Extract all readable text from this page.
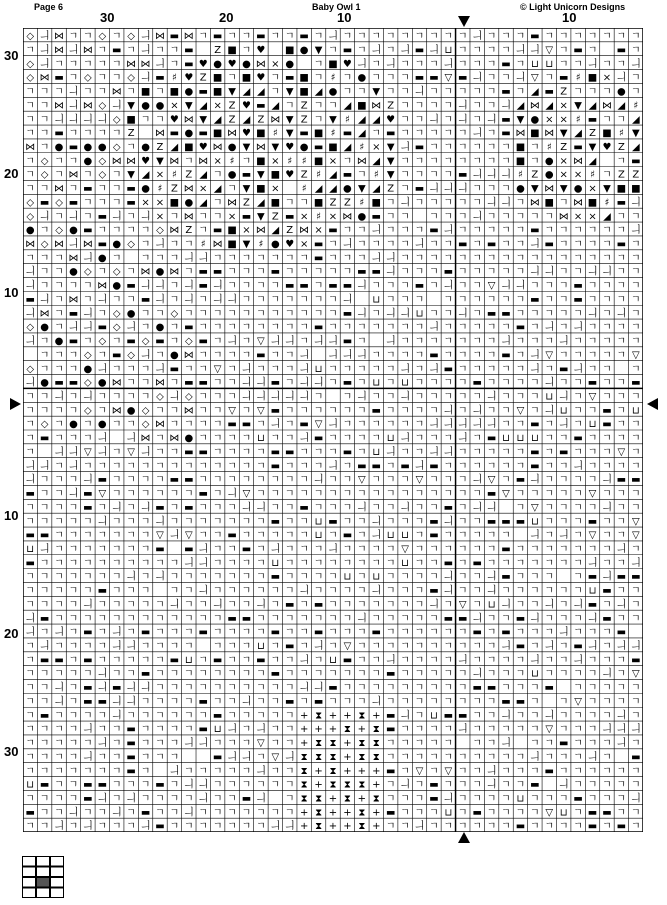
Page 6	Baby Owl 1	© Light Unicorn Designs
30	20	10	10
30
20
10
10
20
30
◇ ㅢ ⋈ ㄱ ㄱ ◇ ㄱ ◇ ㅢ ⋈ ▬ ⋈ ㄱ ▬ ㄱ ㄱ ▬ ㄱ ㄱ ▬ ㄱ ㅢ ㄱ ㄱ ㄱ ㄱ ㄱ ㄱ ㄱ ㄱ ㄱ ㅢ ㄱ ㄱ ㄱ ▬ ㄱ ㄱ ㄱ ㄱ ㄱ ㄱ ㄱ
ㄱ ㅢ ⋈ ㅢ ⋈ ㄱ ▬ ㄱ ㅢ ㄱ ㄱ ▬ Z ■ ㄱ ♥ ■ ● ▼ ㄱ ▬ ㄱ ㅢ ㄱ ㅢ ▬ ㅢ ⊔ ㄱ ㄱ ㄱ ㄱ ㅢ ㅢ ▽ ㄱ ▬ ㄱ ▬ ㄱ
◇ ㅢ ㄱ ㄱ ㄱ ㄱ ㄱ ⋈ ⋈ ㅢ ㄱ ▬ ♥ ● ♥ ● ⋈ × ● ㄱ ■ ♥ ㅢ ㄱ ㅢ ㄱ ㄱ ㄱ ㅢ ㄱ ㄱ ㄱ ▬ ㄱ ⊔ ⊔ ㄱ ㄱ ㅢ ㄱ ㄱ ㅢ
◇ ⋈ ▬ ㄱ ◇ ㄱ ㄱ ◇ ㅢ ▬ ♯ ♥ Z ■ ㄱ ■ ♥ ㄱ ▬ ■ ㄱ ♯ ㄱ ● ㄱ ㄱ ㄱ ▬ ▬ ▽ ▬ ㅢ ㄱ ㄱ ㅢ ▽ ㄱ ▬ ♯ ■ × ㅢ ㄱ
ㄱ ㄱ ㄱ ㅢ ㄱ ㄱ ⋈ ㄱ ■ ㄱ ■ ● ▬ ■ ▼ ◢ ◢ ㄱ ▼ ■ ◢ ● ㄱ ㄱ ▼ ㄱ ㄱ ㅢ ㄱ ㄱ ㄱ ㄱ ㄱ ▬ ㄱ ◢ ▬ Z ㄱ ㄱ ㄱ ● ㄱ
ㄱ ㄱ ⋈ ㅢ ⋈ ◇ ㅢ ▼ ● ● × ▼ ◢ × Z ♥ ▬ ◢ ㄱ Z ㄱ ㄱ ◢ ■ ⋈ Z ㄱ ㄱ ㄱ ㄱ ㅢ ㄱ ㄱ ㅢ ◢ ⋈ ◢ × ▼ ◢ ⋈ ◢ ♯
ㄱ ㄱ ㅢ ㅢ ㅢ ㅢ ◇ ■ ㄱ ㄱ ♥ ⋈ ▼ ◢ Z ◢ Z ⋈ ▼ Z ㄱ ▼ ♯ ◢ ◢ ♥ ㄱ ㄱ ㅢ ㄱ ㅢ ㄱ ㅢ ▬ ▼ ● × × ♯ ▬ ㄱ ㄱ ◢
ㄱ ㄱ ▬ ㄱ ㄱ ㄱ ㄱ Z ⋈ ▬ ● ▬ ■ ⋈ ♥ ■ ♯ ▼ ▬ ■ ♯ ▬ ◢ ㄱ ▬ ㄱ ㄱ ㄱ ㄱ ㄱ ㅢ ㄱ ▬ ⋈ ■ ⋈ ▼ ◢ Z ■ ♯ ▼
⋈ ㄱ ● ▬ ● ● ◇ ㄱ ● Z ◢ ■ ♥ ⋈ ● ▼ ⋈ ▼ ♥ ● ▬ ■ ◢ ♯ × ▼ ㅢ ▬ ㄱ ㄱ ㄱ ㄱ ㄱ ㄱ ■ ㄱ ♯ Z ▬ ▼ ♥ Z ◢
ㄱ ◇ ㄱ ㄱ ● ◇ ⋈ ⋈ ♥ ▼ ⋈ ㄱ ⋈ × ♯ ㄱ ■ × ♯ ♯ ■ × ㄱ ⋈ ◢ ▼ ㄱ ㄱ ㄱ ㄱ ㄱ ㄱ ㄱ ㄱ ■ ㄱ ● × ⋈ ◢ ㄱ ▬
ㄱ ◇ ㄱ ⋈ ㄱ ◇ ㄱ ▼ ◢ × ♯ Z ◢ ㄱ ● ▬ ▼ ■ ♥ Z ♯ ◢ ▬ ㄱ ♯ ▼ ㄱ ㄱ ㄱ ㄱ ▬ ㅢ ㅢ ㅢ ♯ Z ● × × ♯ ㄱ Z Z
ㄱ ㄱ ⋈ ㄱ ▬ ㄱ ㄱ ▬ ● ♯ Z ⋈ × ◢ ㄱ ▼ ■ × ♯ ◢ ◢ ● ▼ ◢ Z ㄱ ▬ ㅢ ㅢ ㅢ ㄱ ㄱ ㄱ ● ▼ ⋈ ▼ ● × ▼ ■ ■
◇ ▬ ◇ ▬ ㄱ ㄱ ㄱ ▬ × × ■ ● ◢ ㄱ ⋈ Z ◢ ■ ㄱ ㄱ ■ Z Z ♯ ■ ㄱ ㅢ ㄱ ㄱ ㄱ ㄱ ㄱ ㅢ ㅢ ㄱ ⋈ ■ ㄱ ⋈ ■ ♯ ▬ ㅢ
◇ ㅢ ㄱ ㅢ ㄱ ▬ ㅢ ㄱ ㅢ × ㄱ ⋈ ㄱ ㄱ × ▬ ▼ Z ▬ × ♯ × ⋈ ● ▬ ㄱ ㄱ ㄱ ㄱ ㄱ ㅢ ㄱ ㄱ ㄱ ㄱ ㄱ ⋈ × × ◢ ㄱ ㄱ
● ㄱ ◇ ● ▬ ㄱ ㄱ ㄱ ㄱ ◇ ⋈ Z ㄱ ▬ ■ × ⋈ ◢ Z ⋈ × ▬ ㄱ ㄱ ㅢ ㄱ ㄱ ㄱ ▬ ㅢ ㄱ ㄱ ㄱ ㄱ ㄱ ▬ ㄱ ㄱ ㄱ ㄱ ㄱ ㄱ ㅢ
⋈ ◇ ⋈ ㅢ ⋈ ▬ ● ◇ ㄱ ㅢ ㄱ ㄱ ♯ ⋈ ■ ▼ ♯ ● ♥ × ▬ ㄱ ㅢ ㄱ ㄱ ㄱ ㄱ ㅢ ㄱ ㄱ ▬ ㄱ ▬ ㄱ ㄱ ㅢ ▬ ㄱ ㄱ ㄱ ㄱ ▬ ㄱ
ㄱ ㄱ ㄱ ⋈ ㅢ ● ㄱ ㄱ ㄱ ㄱ ㅢ ㅢ ㄱ ㄱ ㄱ ㄱ ㄱ ㄱ ㄱ ▬ ㄱ ㄱ ㄱ ㅢ ㅢ ㄱ ㄱ ㄱ ㄱ ㄱ ㄱ ㄱ ㄱ ㄱ ㄱ ㄱ ㄱ ㄱ ㄱ ㄱ ㄱ ㄱ
ㅢ ㄱ ㄱ ● ◇ ㄱ ◇ ㄱ ⋈ ● ⋈ ㄱ ▬ ▬ ㄱ ㄱ ㄱ ▬ ㄱ ㄱ ㄱ ㄱ ㄱ ▬ ▬ ㅢ ㄱ ㄱ ㄱ ▬ ㄱ ㄱ ㄱ ㄱ ㄱ ㅢ ㅢ ㄱ ㄱ ㅢ ㅢ ㄱ ㄱ
ㅢ ㄱ ㄱ ㄱ ㄱ ⋈ ● ▬ ㅢ ㅢ ㄱ ㅢ ▬ ㅢ ㄱ ㄱ ㄱ ㄱ ▬ ▬ ㄱ ▬ ▬ ㅢ ㄱ ㄱ ㄱ ▬ ㄱ ㅢ ㄱ ㄱ ▽ ㅢ ㅢ ㄱ ㄱ ㄱ ▬ ㄱ ㄱ ㄱ ㄱ
▬ ㅢ ㄱ ⋈ ㄱ ㅢ ㄱ ㄱ ▬ ㅢ ㄱ ㅢ ㄱ ㅢ ㅢ ㄱ ㄱ ㄱ ㄱ ㄱ ㄱ ㄱ ㅢ ⊔ ㄱ ㄱ ㄱ ㄱ ㄱ ㄱ ㄱ ㄱ ㄱ ▬ ㄱ ㄱ ▬ ㄱ ㄱ ㄱ ㄱ
ㅢ ⋈ ㄱ ▬ ㅢ ㄱ ◇ ● ㄱ ㄱ ◇ ㄱ ㄱ ㄱ ㄱ ㄱ ㄱ ㄱ ㄱ ㄱ ㄱ ㄱ ▬ ㅢ ㄱ ㅢ ㅢ ⊔ ㄱ ㄱ ㅢ ㄱ ▬ ▬ ㄱ ㄱ ㄱ ㄱ ㄱ ㅢ ㄱ ㅢ ㄱ
◇ ● ㄱ ㅢ ㅢ ▬ ◇ ㅢ ㄱ ● ㄱ ▬ ㄱ ㄱ ㄱ ㄱ ㄱ ㄱ ㄱ ㄱ ▬ ㄱ ㄱ ㄱ ㄱ ㄱ ㄱ ㄱ ㅢ ㄱ ㄱ ㄱ ㄱ ㄱ ▬ ㄱ ㅢ ㄱ ㅢ ㄱ ㄱ ㄱ ㄱ
ㅢ ㄱ ● ▬ ㄱ ◇ ㄱ ▬ ◇ ▬ ㄱ ◇ ▬ ㄱ ㅢ ㄱ ▽ ㅢ ㅢ ㄱ ㅢ ㅢ ▬ ㄱ ㅢ ㄱ ㄱ ㄱ ㄱ ㄱ ㄱ ㄱ ㅢ ㄱ ㄱ ㄱ ㅢ ㄱ ㄱ ㄱ ㄱ ㄱ
ㄱ ㄱ ㄱ ◇ ㄱ ▬ ◇ ㅢ ㄱ ● ⋈ ㄱ ㄱ ㄱ ㄱ ▬ ㄱ ㄱ ㅢ ㅢ ㅢ ㅢ ㄱ ㄱ ㄱ ㄱ ▬ ㄱ ㄱ ㄱ ㄱ ▬ ㄱ ㅢ ▽ ㄱ ㄱ ㄱ ㄱ ㄱ ▽
◇ ㄱ ㄱ ㄱ ● ㅢ ㄱ ㄱ ㄱ ㅢ ▬ ㄱ ㄱ ▽ ㄱ ㅢ ㄱ ㄱ ㄱ ㅢ ⊔ ㄱ ㄱ ㄱ ㄱ ㄱ ㅢ ㄱ ㅢ ▬ ㄱ ㄱ ㄱ ㄱ ㄱ ㅢ ㄱ ▬ ㅢ ㄱ ㄱ ㄱ
ㅢ ● ▬ ▬ ◇ ● ⋈ ㄱ ㄱ ⋈ ㄱ ▬ ▬ ㄱ ㄱ ㅢ ㅢ ▬ ㄱ ㅢ ㅢ ㄱ ▬ ㄱ ⊔ ㄱ ⊔ ㄱ ㄱ ㄱ ㄱ ▬ ㄱ ㄱ ㄱ ㄱ ㅢ ㄱ ㄱ ▬ ㄱ ㄱ ▬
ㄱ ㄱ ㅢ ㄱ ㅢ ㄱ ㄱ ㄱ ㄱ ◇ ㅢ ◇ ㄱ ㄱ ㄱ ㅢ ㅢ ㅢ ㅢ ㅢ ㄱ ㄱ ㅢ ㄱ ㄱ ㅢ ㄱ ㄱ ㄱ ㄱ ㄱ ㅢ ㄱ ㄱ ㄱ ⊔ ㅢ ㄱ ▽ ㄱ ㄱ ㄱ
ㄱ ㄱ ㄱ ㄱ ◇ ㄱ ⋈ ● ◇ ㄱ ㄱ ⋈ ㄱ ㄱ ▽ ㄱ ▽ ▬ ㄱ ㄱ ㄱ ㄱ ㄱ ㄱ ▬ ㄱ ㄱ ㄱ ㄱ ㅢ ㄱ ㅢ ㄱ ㄱ ▽ ㄱ ㅢ ⊔ ㄱ ㄱ ▬ ㄱ ⊔
ㄱ ◇ ㄱ ● ㄱ ● ㄱ ㄱ ◇ ⋈ ㄱ ㄱ ㄱ ㄱ ▬ ▬ ㄱ ㅢ ㄱ ▬ ▽ ㅢ ㄱ ㄱ ㄱ ㄱ ㄱ ㄱ ㅢ ㅢ ㅢ ㅢ ㅢ ㄱ ㄱ ▬ ㄱ ㅢ ㄱ ⊔ ▬ ㄱ ㄱ
ㄱ ▬ ㄱ ㄱ ㄱ ㅢ ㅢ ⋈ ㄱ ⋈ ● ㄱ ㄱ ㄱ ㄱ ⊔ ㄱ ㄱ ㅢ ▬ ㄱ ㄱ ㄱ ㄱ ⊔ ㅢ ㄱ ㄱ ㄱ ㅢ ㄱ ▬ ⊔ ⊔ ⊔ ㄱ ㄱ ▬ ㄱ ㄱ ㄱ ㄱ
ㄱ ㅢ ㅢ ▽ ㅢ ㄱ ▽ ㅢ ㄱ ㄱ ▬ ▬ ㄱ ㄱ ㄱ ㄱ ▬ ▬ ㄱ ㄱ ㄱ ▬ ㄱ ⊔ ㅢ ㄱ ㄱ ㅢ ㅢ ㄱ ㄱ ㄱ ㄱ ㄱ ▬ ㄱ ▬ ㄱ ㄱ ㄱ ▽ ㄱ
ㅢ ㅢ ㄱ ㅢ ㄱ ㄱ ㄱ ㄱ ㄱ ㄱ ㄱ ㄱ ㄱ ㄱ ㄱ ㄱ ㄱ ▬ ㄱ ㄱ ㄱ ㅢ ㄱ ▬ ▬ ㄱ ▬ ㅢ ▬ ㄱ ㄱ ㄱ ㄱ ㄱ ㄱ ▬ ㄱ ㄱ ㅢ ㄱ ㄱ ㄱ ㄱ
ㅢ ㄱ ㄱ ㄱ ㅢ ▬ ㄱ ㄱ ㄱ ㄱ ▬ ▬ ㄱ ㄱ ㄱ ㄱ ㄱ ㄱ ㄱ ㄱ ㅢ ㄱ ㄱ ▽ ㄱ ㄱ ㄱ ▽ ㄱ ㄱ ㄱ ㅢ ▽ ㄱ ▬ ㅢ ㄱ ㄱ ㄱ ㄱ ㅢ ▬ ▬
▬ ㄱ ㄱ ㅢ ▬ ▽ ㄱ ㄱ ㄱ ㄱ ㄱ ㄱ ▬ ㄱ ㅢ ▽ ㄱ ㄱ ㄱ ㄱ ㄱ ㄱ ㄱ ㄱ ㄱ ㄱ ㄱ ㄱ ㄱ ㄱ ㄱ ㄱ ▬ ▽ ㄱ ㄱ ㄱ ㄱ ㄱ ▽ ㄱ ㄱ ㄱ
ㄱ ㄱ ㄱ ㄱ ▬ ㄱ ㅢ ㄱ ㅢ ▬ ㄱ ▬ ㄱ ㄱ ㄱ ㅢ ㅢ ㄱ ㄱ ▬ ㄱ ㄱ ㄱ ㅢ ㄱ ㄱ ㅢ ㄱ ㄱ ▬ ㄱ ㅢ ㅢ ㄱ ▽ ㄱ ㄱ ㄱ ㄱ ㅢ ㄱ ㄱ
ㄱ ㄱ ㄱ ㄱ ㄱ ㅢ ㄱ ㄱ ㄱ ㅢ ㄱ ㄱ ㄱ ㄱ ㄱ ㄱ ㄱ ▬ ㄱ ㄱ ⊔ ▬ ㄱ ㄱ ㅢ ㄱ ㄱ ㄱ ▬ ㅢ ㄱ ㄱ ▬ ▬ ▬ ⊔ ㄱ ㄱ ㄱ ▬ ㄱ ㄱ ▽
▬ ▬ ㄱ ㄱ ㄱ ㄱ ㄱ ㄱ ㄱ ▽ ㅢ ▽ ㄱ ㄱ ▬ ㄱ ㄱ ㄱ ㄱ ㄱ ⊔ ㄱ ▬ ㄱ ㅢ ⊔ ⊔ ㄱ ▬ ㄱ ㄱ ㄱ ㄱ ㄱ ㅢ ㄱ ㅢ ㄱ ▽ ㄱ ㄱ ▽
⊔ ㅢ ㄱ ㄱ ㄱ ㄱ ㄱ ㄱ ㄱ ▬ ▬ ㅢ ㄱ ㄱ ▬ ㄱ ㅢ ㄱ ㄱ ㄱ ㅢ ㄱ ㄱ ㄱ ㄱ ▽ ㄱ ㄱ ㄱ ㄱ ㄱ ㄱ ▬ ㄱ ㄱ ㄱ ㄱ ㄱ ㄱ ㄱ ㅢ ㄱ
▬ ㄱ ㄱ ㄱ ㄱ ㄱ ㄱ ㄱ ㄱ ㄱ ㄱ ㅢ ㅢ ㄱ ㄱ ㄱ ㄱ ⊔ ㄱ ㄱ ㄱ ㄱ ㄱ ㄱ ㄱ ㄱ ⊔ ㄱ ㄱ ▬ ㄱ ▬ ㄱ ㄱ ㄱ ㄱ ㄱ ㄱ ㄱ ㅢ ㄱ ㄱ ㅢ
ㄱ ㄱ ㄱ ㄱ ㄱ ㄱ ㄱ ㅢ ㄱ ㅢ ㄱ ㄱ ㄱ ㄱ ㄱ ㄱ ㄱ ▬ ㄱ ㄱ ㄱ ㄱ ⊔ ㄱ ⊔ ㄱ ㄱ ㄱ ㄱ ㅢ ㄱ ㄱ ㅢ ▬ ㄱ ㄱ ㄱ ㄱ ▬ ㅢ ▬ ▬
ㄱ ㄱ ㄱ ㄱ ㄱ ▬ ㄱ ㄱ ㄱ ㄱ ㄱ ㅢ ㄱ ㄱ ㄱ ㄱ ㄱ ㄱ ㅢ ㄱ ㄱ ㄱ ㄱ ㅢ ㄱ ㄱ ㄱ ▬ ㅢ ㄱ ㄱ ㅢ ㄱ ㄱ ㄱ ㄱ ㄱ ㄱ ⊔ ▬ ㄱ ㄱ
ㄱ ㄱ ㄱ ㄱ ㅢ ㄱ ㄱ ㄱ ㄱ ㄱ ㅢ ㄱ ㄱ ㅢ ㄱ ㄱ ㅢ ㄱ ▬ ㄱ ▬ ㄱ ㄱ ㄱ ㄱ ㄱ ㄱ ㄱ ㅢ ㄱ ▽ ㄱ ⊔ ㅢ ㄱ ㄱ ㅢ ㄱ ㅢ ▬ ㄱ ㅢ ㄱ
ㅢ ▬ ㄱ ㄱ ㄱ ㄱ ㄱ ㄱ ㄱ ㄱ ㄱ ㄱ ㄱ ㄱ ▬ ▬ ㄱ ㄱ ㄱ ㄱ ㄱ ㄱ ㄱ ㅢ ㄱ ㄱ ㄱ ㄱ ㄱ ▬ ▬ ㅢ ㄱ ㄱ ▬ ㅢ ㄱ ㄱ ㄱ ㅢ ▬ ㄱ ㄱ
ㅢ ㄱ ㅢ ㄱ ▬ ㄱ ㅢ ㄱ ▬ ㄱ ㄱ ㄱ ▬ ㄱ ㄱ ㄱ ㄱ ▬ ㄱ ㄱ ▬ ㄱ ㄱ ㄱ ▬ ㄱ ㄱ ㄱ ㄱ ㄱ ㄱ ▬ ㄱ ▬ ㄱ ㄱ ㄱ ㅢ ㄱ ㄱ ㄱ ▬
ㄱ ㅢ ㄱ ㄱ ㄱ ㄱ ㅢ ㅢ ㄱ ㄱ ㄱ ㄱ ㄱ ㄱ ㄱ ⊔ ㄱ ▬ ㄱ ㅢ ㄱ ▽ ㄱ ㄱ ㄱ ㄱ ㄱ ㄱ ㄱ ㄱ ㄱ ㄱ ㅢ ▬ ㄱ ㅢ ㄱ ▬ ㅢ ㄱ ㅢ ㅢ
ㄱ ▬ ▬ ㄱ ▬ ㄱ ㄱ ㄱ ㄱ ㄱ ▬ ⊔ ㄱ ▬ ㄱ ㄱ ▬ ㄱ ㄱ ㅢ ㄱ ⊔ ▬ ㄱ ㄱ ㅢ ㄱ ㄱ ㄱ ㄱ ㅢ ㄱ ㄱ ㄱ ㄱ ㅢ ㄱ ㄱ ㅢ ㄱ ㄱ ㄱ ▬
ㄱ ㄱ ㄱ ㄱ ㄱ ㅢ ㄱ ㄱ ▬ ㄱ ㄱ ㄱ ㄱ ㄱ ㄱ ㄱ ㄱ ▬ ㄱ ㄱ ㄱ ㄱ ㄱ ㄱ ㄱ ▬ ㄱ ㄱ ㄱ ㄱ ㄱ ㅢ ㄱ ㄱ ㄱ ⊔ ㄱ ㄱ ㄱ ㄱ ㅢ ㄱ ▽
ㄱ ㄱ ㅢ ㄱ ▬ ㅢ ▬ ㅢ ㅢ ㄱ ㄱ ㄱ ㄱ ㄱ ㄱ ㄱ ㄱ ㄱ ㄱ ㅢ ㅢ ▬ ㄱ ㄱ ㄱ ㄱ ㄱ ㄱ ㄱ ㄱ ㄱ ▬ ▬ ㄱ ㄱ ㄱ ▬ ㄱ ㄱ ㄱ ㄱ ㄱ
ㄱ ㄱ ㅢ ㄱ ▬ ▬ ㅢ ㅢ ㄱ ㄱ ㄱ ㄱ ▬ ㄱ ㄱ ㅢ ㄱ ㄱ ▬ ㄱ ▬ ㄱ ㄱ ㄱ ㅢ ㄱ ㄱ ㄱ ㄱ ㄱ ㄱ ㄱ ㄱ ▬ ▬ ㄱ ㄱ ▽ ㄱ ㄱ ㄱ ㄱ
ㄱ ▬ ㄱ ㄱ ㄱ ㄱ ㅢ ㄱ ㄱ ㄱ ㄱ ㄱ ㄱ ▬ ㄱ ㄱ ㄱ ㄱ ㄱ + ⧗ + + ⧗ + ▬ ㅢ ㄱ ⊔ ▬ ▬ ㄱ ㄱ ㅢ ㄱ ㄱ ㅢ ㄱ ㄱ ㄱ ㄱ ㅢ ㄱ
ㄱ ㄱ ㄱ ㄱ ㅢ ㄱ ㄱ ▬ ㄱ ㄱ ㄱ ㄱ ▬ ⊔ ㅢ ㄱ ㅢ ㄱ ㄱ + + + ⧗ + ⧗ ▬ ㄱ ㄱ ㄱ ㄱ ㅢ ㄱ ㄱ ㄱ ㄱ ㄱ ▽ ㄱ ㄱ ㄱ ㅢ ㅢ ㅢ
ㄱ ㄱ ㄱ ㄱ ㄱ ㅢ ㄱ ▬ ㄱ ㄱ ㄱ ㅢ ㅢ ㄱ ㄱ ㄱ ▽ ㄱ ㄱ + ⧗ ⧗ + ⧗ ⧗ ㄱ ㄱ ㄱ ㄱ ㄱ ㄱ ㄱ ㅢ ㄱ ㄱ ▬ ㄱ ㄱ ㄱ ㅢ ㄱ
ㄱ ㄱ ㄱ ㄱ ㅢ ㄱ ㄱ ▬ ㄱ ㄱ ㄱ	▬ ㅢ ㅢ ㄱ ▽ ㅢ ⧗ ⧗ ⧗ + ⧗ ⧗ ㄱ ㄱ ㄱ ㄱ ㄱ ㄱ ㄱ ㄱ ㄱ ㄱ ㅢ ㄱ ㄱ ㄱ ㅢ ㄱ ▬
ㄱ ㄱ ㄱ ㄱ ㄱ ㄱ ㄱ ▬ ㄱ ㅢ ㄱ ㄱ ㄱ ㄱ ㄱ ㅢ ㄱ ㄱ ⧗ + ⧗ + + + ▬ ㄱ ▽ ㄱ ▽ ㄱ ㄱ ㅢ ㄱ ㄱ ㄱ ▬ ㄱ ㄱ ㄱ ㄱ ㄱ ㄱ
⊔ ▬ ㄱ ㄱ ▬ ▬ ㄱ ㄱ ㄱ ▬ ㄱ ㅢ ㅢ ㄱ ㄱ ㄱ ㄱ ㄱ ㄱ ⧗ + ⧗ ⧗ ⧗ + ㄱ ㅢ ㄱ ▬ ㄱ ㄱ ㄱ ㅢ ㄱ ㄱ ▬ ㅢ ㄱ ㄱ ㄱ ㄱ ㄱ
ㄱ ㄱ ㄱ ㄱ ▬ ㅢ ㄱ ㅢ ㄱ ㄱ ㄱ ㄱ ㅢ ㄱ ㄱ ▬ ㅢ ㄱ ⧗ ⧗ + ⧗ + ⧗ ㄱ ㄱ ㄱ ▬ ㅢ ㄱ ㄱ ㄱ ㄱ ⊔ ㄱ ㄱ ㄱ ▬ ㄱ ㄱ ㄱ ㅢ
▬ ㄱ ㄱ ㅢ ㄱ ㄱ ㅢ ㄱ ▬ ㄱ ㄱ ㅢ ㄱ ㄱ ㄱ ㄱ ㄱ ㄱ ㄱ + ⧗ + + ⧗ + ▬ ㄱ ㄱ ㄱ ⊔ ㄱ ▬ ㄱ ㄱ ㄱ ㄱ ▽ ⊔ ㄱ ▬ ▬ ㄱ ㄱ
ㄱ ㄱ ㅢ ㄱ ㅢ ㄱ ㄱ ㄱ ㅢ ▬ ㄱ ㄱ ㄱ ㄱ ㄱ ㄱ ㄱ ㅢ ㅢ + ⧗ + + ⧗ + ㄱ ㄱ ㅢ ㄱ ㄱ ㄱ ㄱ ㄱ ㄱ ▬ ㄱ ㄱ ㄱ ㄱ ▬ ㄱ ▬ ㄱ
